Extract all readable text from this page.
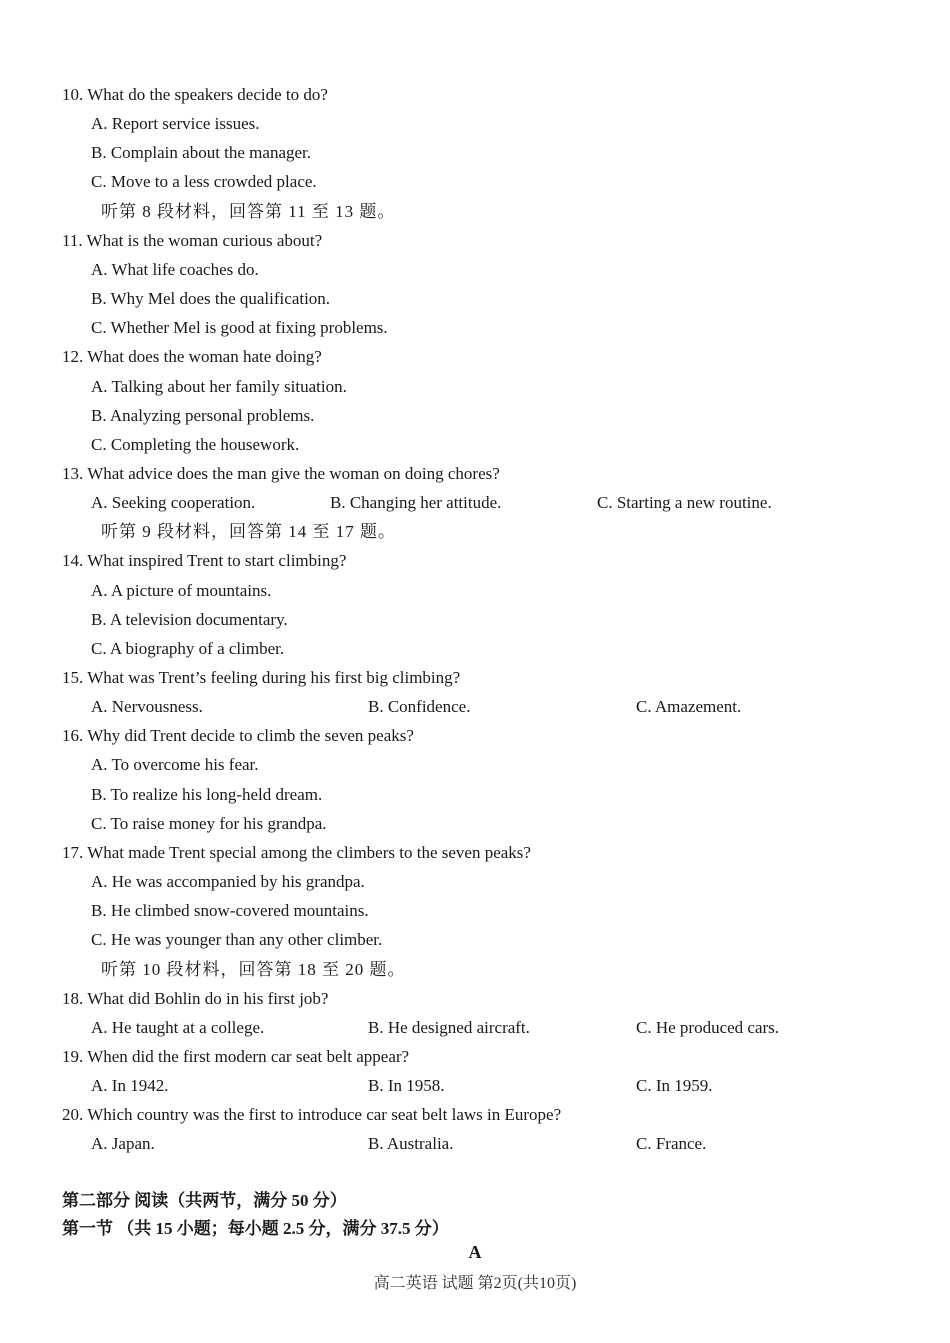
10. What do the speakers decide to do?
A. Report service issues.
B. Complain about the manager.
C. Move to a less crowded place.
听第 8 段材料，回答第 11 至 13 题。
11. What is the woman curious about?
A. What life coaches do.
B. Why Mel does the qualification.
C. Whether Mel is good at fixing problems.
12. What does the woman hate doing?
A. Talking about her family situation.
B. Analyzing personal problems.
C. Completing the housework.
13. What advice does the man give the woman on doing chores?
A. Seeking cooperation.	B. Changing her attitude.	C. Starting a new routine.
听第 9 段材料，回答第 14 至 17 题。
14. What inspired Trent to start climbing?
A. A picture of mountains.
B. A television documentary.
C. A biography of a climber.
15. What was Trent’s feeling during his first big climbing?
A. Nervousness.	B. Confidence.	C. Amazement.
16. Why did Trent decide to climb the seven peaks?
A. To overcome his fear.
B. To realize his long-held dream.
C. To raise money for his grandpa.
17. What made Trent special among the climbers to the seven peaks?
A. He was accompanied by his grandpa.
B. He climbed snow-covered mountains.
C. He was younger than any other climber.
听第 10 段材料，回答第 18 至 20 题。
18. What did Bohlin do in his first job?
A. He taught at a college.	B. He designed aircraft.	C. He produced cars.
19. When did the first modern car seat belt appear?
A. In 1942.	B. In 1958.	C. In 1959.
20. Which country was the first to introduce car seat belt laws in Europe?
A. Japan.	B. Australia.	C. France.
第二部分 阅读（共两节，满分 50 分）
第一节 （共 15 小题；每小题 2.5 分，满分 37.5 分）
A
高二英语 试题 第2页(共10页)
